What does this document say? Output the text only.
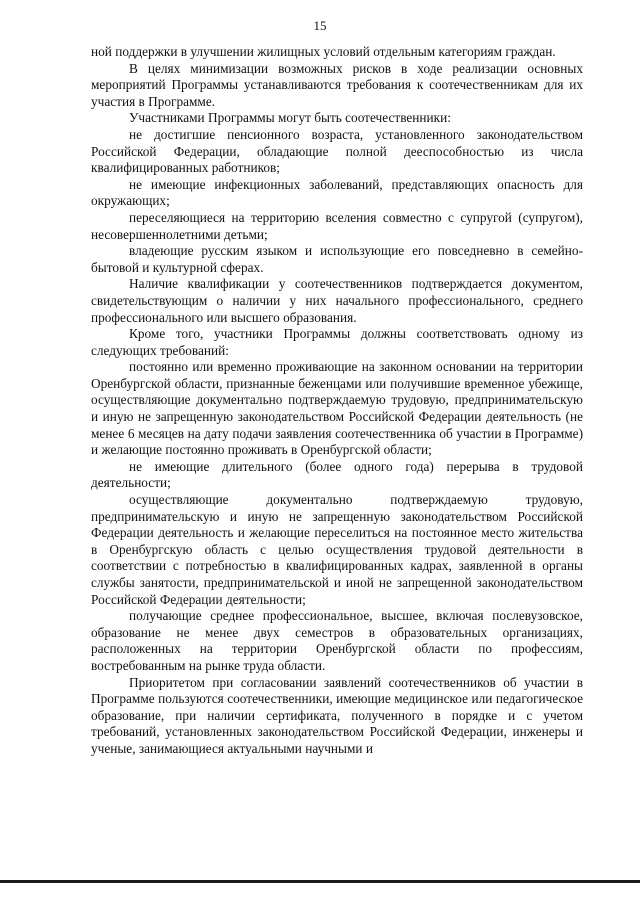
15

ной поддержки в улучшении жилищных условий отдельным категориям граждан.

В целях минимизации возможных рисков в ходе реализации основных мероприятий Программы устанавливаются требования к соотечественникам для их участия в Программе.

Участниками Программы могут быть соотечественники:

не достигшие пенсионного возраста, установленного законодательством Российской Федерации, обладающие полной дееспособностью из числа квалифицированных работников;

не имеющие инфекционных заболеваний, представляющих опасность для окружающих;

переселяющиеся на территорию вселения совместно с супругой (супругом), несовершеннолетними детьми;

владеющие русским языком и использующие его повседневно в семейно-бытовой и культурной сферах.

Наличие квалификации у соотечественников подтверждается документом, свидетельствующим о наличии у них начального профессионального, среднего профессионального или высшего образования.

Кроме того, участники Программы должны соответствовать одному из следующих требований:

постоянно или временно проживающие на законном основании на территории Оренбургской области, признанные беженцами или получившие временное убежище, осуществляющие документально подтверждаемую трудовую, предпринимательскую и иную не запрещенную законодательством Российской Федерации деятельность (не менее 6 месяцев на дату подачи заявления соотечественника об участии в Программе) и желающие постоянно проживать в Оренбургской области;

не имеющие длительного (более одного года) перерыва в трудовой деятельности;

осуществляющие документально подтверждаемую трудовую, предпринимательскую и иную не запрещенную законодательством Российской Федерации деятельность и желающие переселиться на постоянное место жительства в Оренбургскую область с целью осуществления трудовой деятельности в соответствии с потребностью в квалифицированных кадрах, заявленной в органы службы занятости, предпринимательской и иной не запрещенной законодательством Российской Федерации деятельности;

получающие среднее профессиональное, высшее, включая послевузовское, образование не менее двух семестров в образовательных организациях, расположенных на территории Оренбургской области по профессиям, востребованным на рынке труда области.

Приоритетом при согласовании заявлений соотечественников об участии в Программе пользуются соотечественники, имеющие медицинское или педагогическое образование, при наличии сертификата, полученного в порядке и с учетом требований, установленных законодательством Российской Федерации, инженеры и ученые, занимающиеся актуальными научными и
